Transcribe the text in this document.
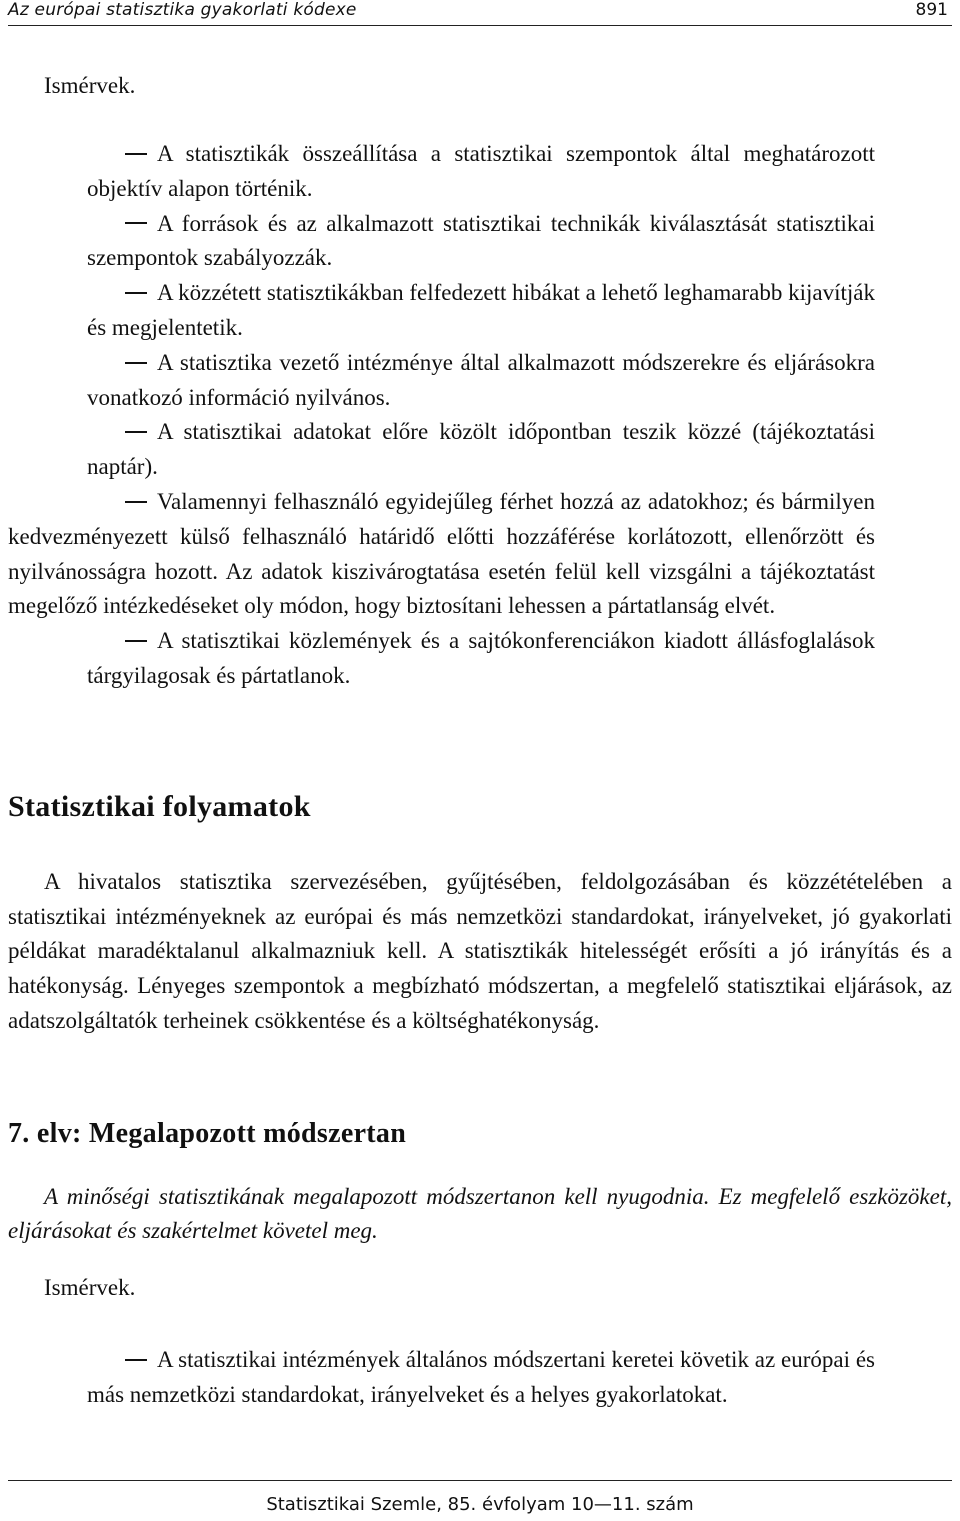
Az európai statisztika gyakorlati kódexe	891

Ismérvek.

A statisztikák összeállítása a statisztikai szempontok által meghatározott objektív alapon történik.
A források és az alkalmazott statisztikai technikák kiválasztását statisztikai szempontok szabályozzák.
A közzétett statisztikákban felfedezett hibákat a lehető leghamarabb kijavítják és megjelentetik.
A statisztika vezető intézménye által alkalmazott módszerekre és eljárásokra vonatkozó információ nyilvános.
A statisztikai adatokat előre közölt időpontban teszik közzé (tájékoztatási naptár).
Valamennyi felhasználó egyidejűleg férhet hozzá az adatokhoz; és bármilyen kedvezményezett külső felhasználó határidő előtti hozzáférése korlátozott, ellenőrzött és nyilvánosságra hozott. Az adatok kiszivárogtatása esetén felül kell vizsgálni a tájékoztatást megelőző intézkedéseket oly módon, hogy biztosítani lehessen a pártatlanság elvét.
A statisztikai közlemények és a sajtókonferenciákon kiadott állásfoglalások tárgyilagosak és pártatlanok.
Statisztikai folyamatok

A hivatalos statisztika szervezésében, gyűjtésében, feldolgozásában és közzétételében a statisztikai intézményeknek az európai és más nemzetközi standardokat, irányelveket, jó gyakorlati példákat maradéktalanul alkalmazniuk kell. A statisztikák hitelességét erősíti a jó irányítás és a hatékonyság. Lényeges szempontok a megbízható módszertan, a megfelelő statisztikai eljárások, az adatszolgáltatók terheinek csökkentése és a költséghatékonyság.

7. elv: Megalapozott módszertan

A minőségi statisztikának megalapozott módszertanon kell nyugodnia. Ez megfelelő eszközöket, eljárásokat és szakértelmet követel meg.

Ismérvek.

A statisztikai intézmények általános módszertani keretei követik az európai és más nemzetközi standardokat, irányelveket és a helyes gyakorlatokat.
Statisztikai Szemle, 85. évfolyam 10—11. szám
